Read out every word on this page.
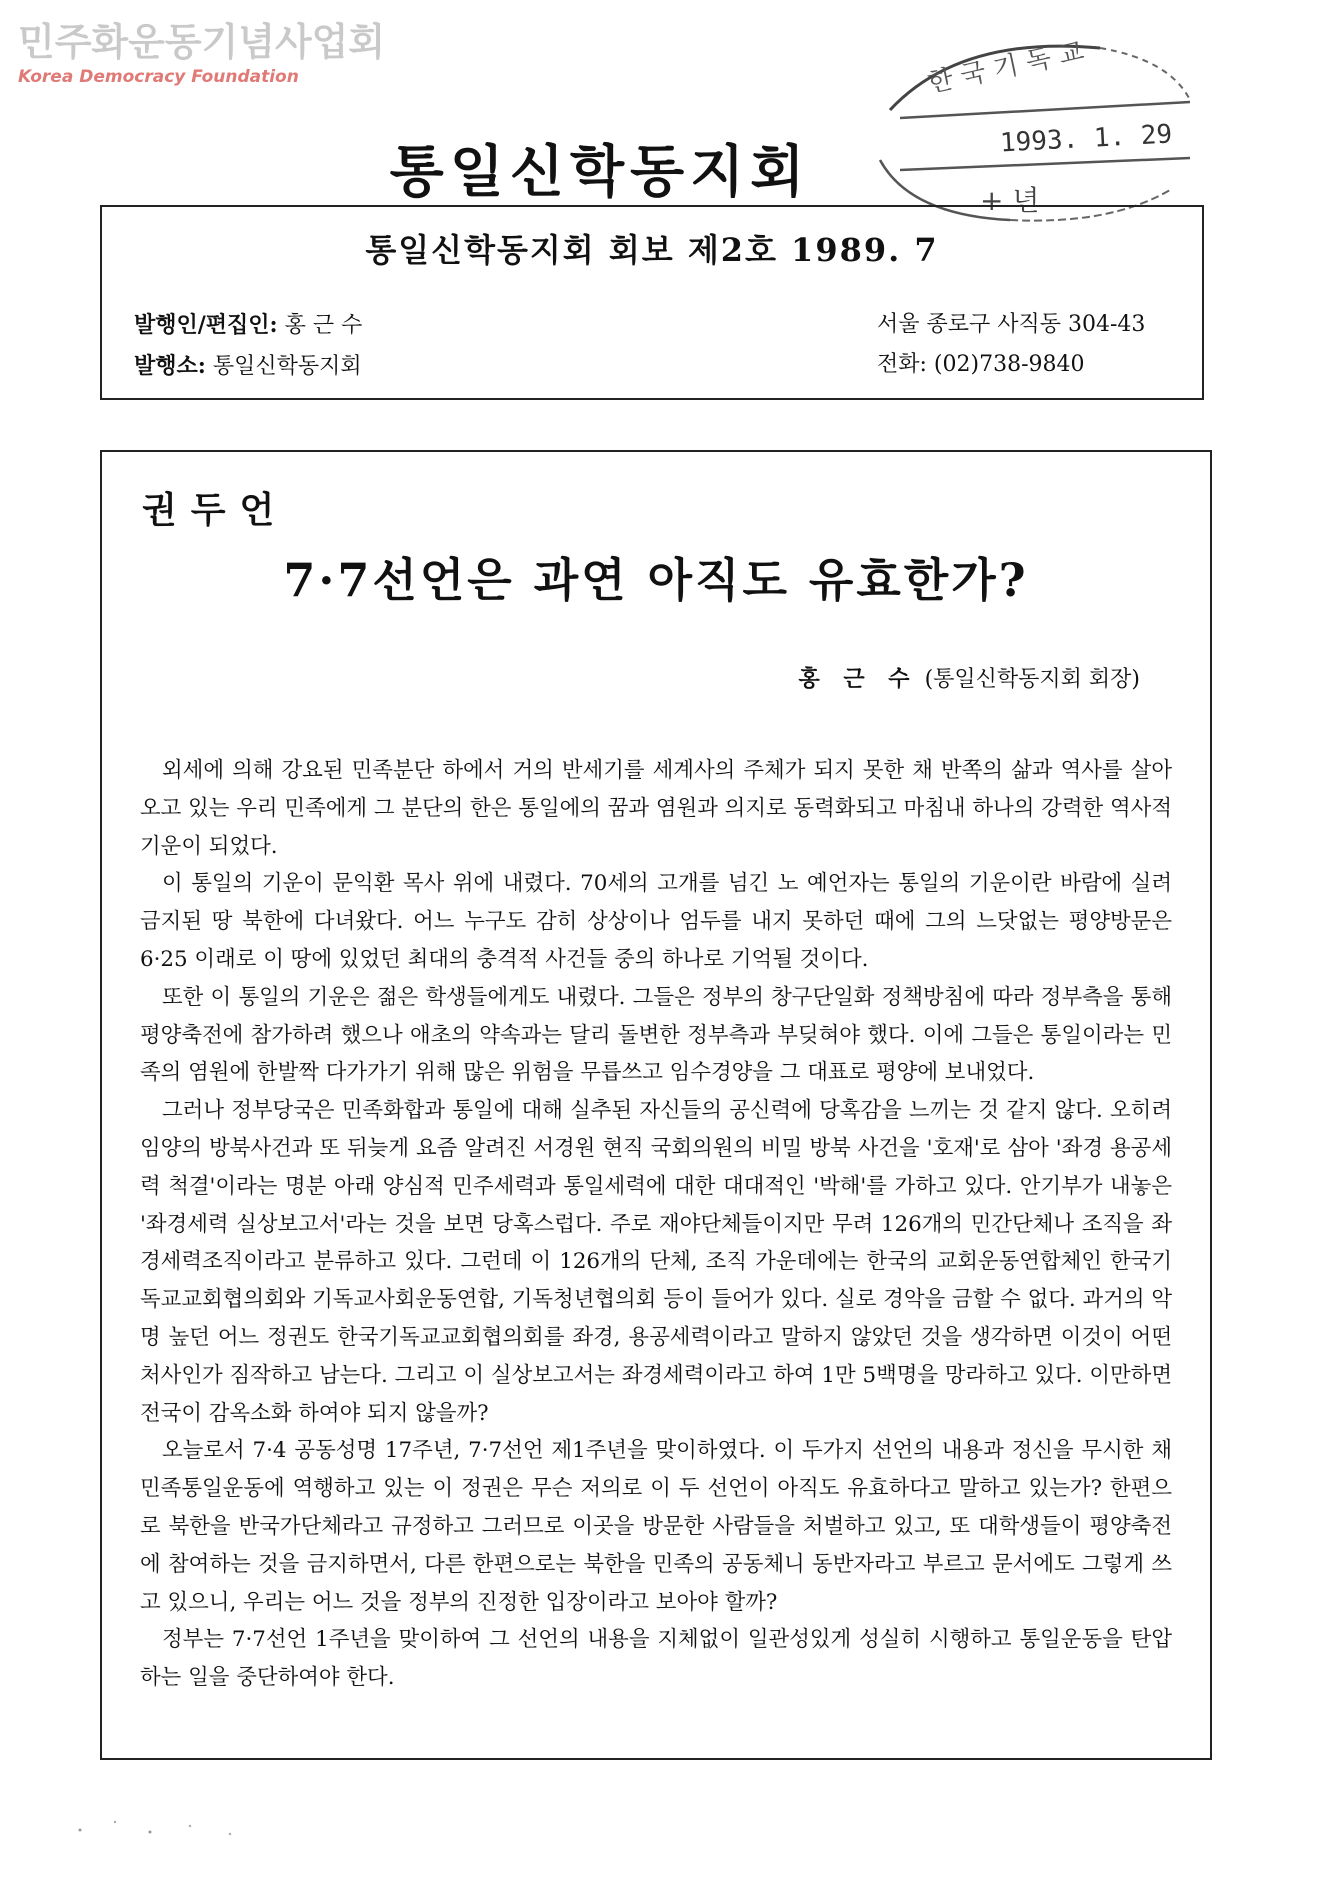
민주화운동기념사업회
Korea Democracy Foundation	한 국 기 독 교
+ 년
1993. 1. 29
통일신학동지회
통일신학동지회 회보 제2호 1989. 7
발행인/편집인: 홍 근 수
발행소: 통일신학동지회
서울 종로구 사직동 304-43
전화: (02)738-9840
권두언
7·7선언은 과연 아직도 유효한가?
홍 근 수 (통일신학동지회 회장)

외세에 의해 강요된 민족분단 하에서 거의 반세기를 세계사의 주체가 되지 못한 채 반쪽의 삶과 역사를 살아오고 있는 우리 민족에게 그 분단의 한은 통일에의 꿈과 염원과 의지로 동력화되고 마침내 하나의 강력한 역사적 기운이 되었다.

이 통일의 기운이 문익환 목사 위에 내렸다. 70세의 고개를 넘긴 노 예언자는 통일의 기운이란 바람에 실려 금지된 땅 북한에 다녀왔다. 어느 누구도 감히 상상이나 엄두를 내지 못하던 때에 그의 느닷없는 평양방문은 6·25 이래로 이 땅에 있었던 최대의 충격적 사건들 중의 하나로 기억될 것이다.

또한 이 통일의 기운은 젊은 학생들에게도 내렸다. 그들은 정부의 창구단일화 정책방침에 따라 정부측을 통해 평양축전에 참가하려 했으나 애초의 약속과는 달리 돌변한 정부측과 부딪혀야 했다. 이에 그들은 통일이라는 민족의 염원에 한발짝 다가가기 위해 많은 위험을 무릅쓰고 임수경양을 그 대표로 평양에 보내었다.

그러나 정부당국은 민족화합과 통일에 대해 실추된 자신들의 공신력에 당혹감을 느끼는 것 같지 않다. 오히려 임양의 방북사건과 또 뒤늦게 요즘 알려진 서경원 현직 국회의원의 비밀 방북 사건을 '호재'로 삼아 '좌경 용공세력 척결'이라는 명분 아래 양심적 민주세력과 통일세력에 대한 대대적인 '박해'를 가하고 있다. 안기부가 내놓은 '좌경세력 실상보고서'라는 것을 보면 당혹스럽다. 주로 재야단체들이지만 무려 126개의 민간단체나 조직을 좌경세력조직이라고 분류하고 있다. 그런데 이 126개의 단체, 조직 가운데에는 한국의 교회운동연합체인 한국기독교교회협의회와 기독교사회운동연합, 기독청년협의회 등이 들어가 있다. 실로 경악을 금할 수 없다. 과거의 악명 높던 어느 정권도 한국기독교교회협의회를 좌경, 용공세력이라고 말하지 않았던 것을 생각하면 이것이 어떤 처사인가 짐작하고 남는다. 그리고 이 실상보고서는 좌경세력이라고 하여 1만 5백명을 망라하고 있다. 이만하면 전국이 감옥소화 하여야 되지 않을까?

오늘로서 7·4 공동성명 17주년, 7·7선언 제1주년을 맞이하였다. 이 두가지 선언의 내용과 정신을 무시한 채 민족통일운동에 역행하고 있는 이 정권은 무슨 저의로 이 두 선언이 아직도 유효하다고 말하고 있는가? 한편으로 북한을 반국가단체라고 규정하고 그러므로 이곳을 방문한 사람들을 처벌하고 있고, 또 대학생들이 평양축전에 참여하는 것을 금지하면서, 다른 한편으로는 북한을 민족의 공동체니 동반자라고 부르고 문서에도 그렇게 쓰고 있으니, 우리는 어느 것을 정부의 진정한 입장이라고 보아야 할까?

정부는 7·7선언 1주년을 맞이하여 그 선언의 내용을 지체없이 일관성있게 성실히 시행하고 통일운동을 탄압하는 일을 중단하여야 한다.
